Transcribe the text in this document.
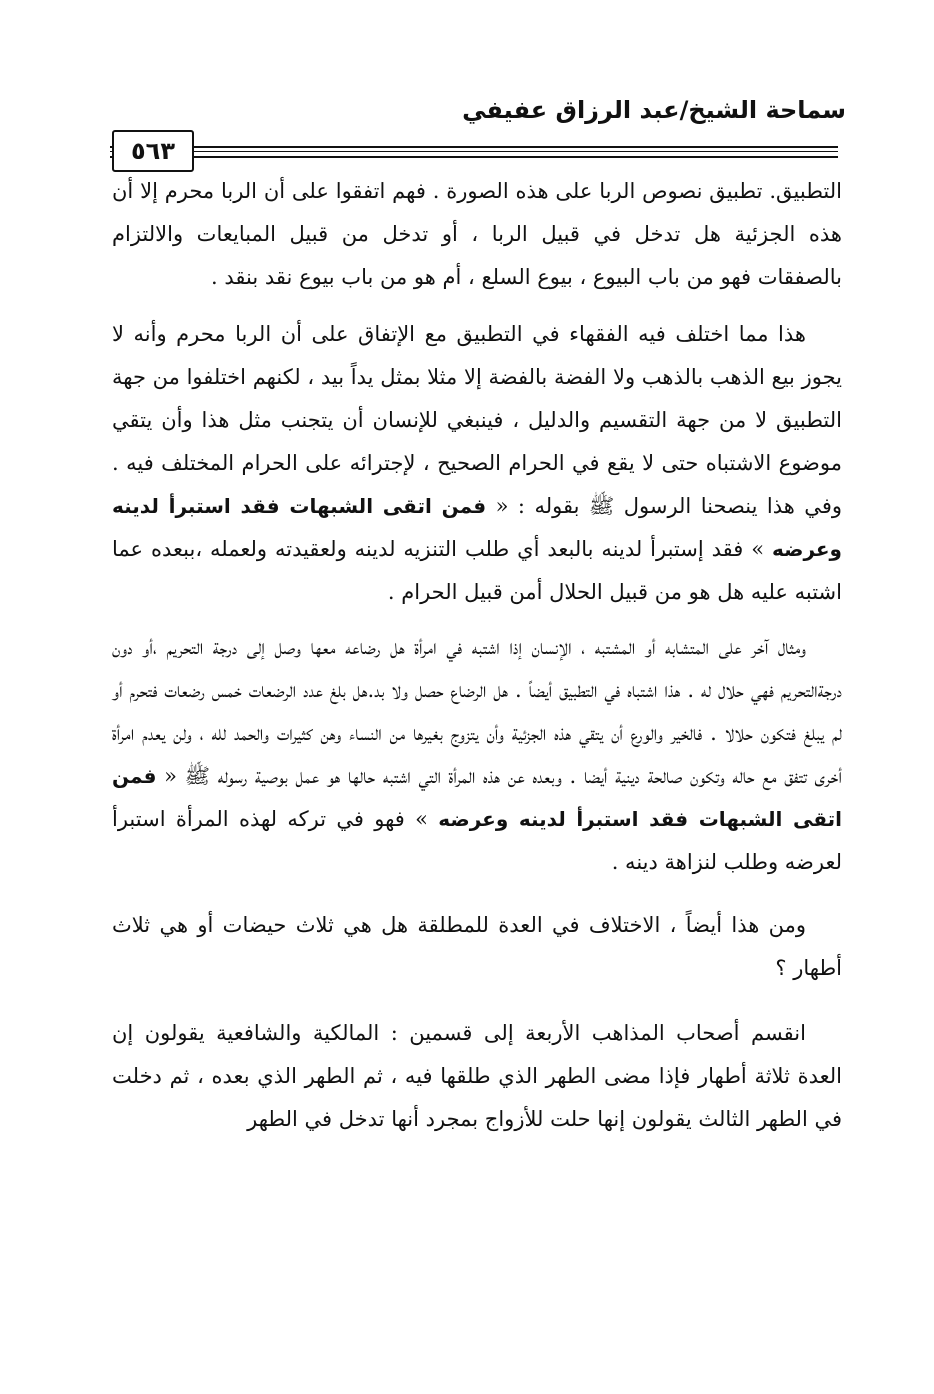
سماحة الشيخ/عبد الرزاق عفيفي
٥٦٣

التطبيق. تطبيق نصوص الربا على هذه الصورة . فهم اتفقوا على أن الربا محرم إلا أن هذه الجزئية هل تدخل في قبيل الربا ، أو تدخل من قبيل المبايعات والالتزام بالصفقات فهو من باب البيوع ، بيوع السلع ، أم هو من باب بيوع نقد بنقد .

هذا مما اختلف فيه الفقهاء في التطبيق مع الإتفاق على أن الربا محرم وأنه لا يجوز بيع الذهب بالذهب ولا الفضة بالفضة إلا مثلا بمثل يداً بيد ، لكنهم اختلفوا من جهة التطبيق لا من جهة التقسيم والدليل ، فينبغي للإنسان أن يتجنب مثل هذا وأن يتقي موضوع الاشتباه حتى لا يقع في الحرام الصحيح ، لإجترائه على الحرام المختلف فيه . وفي هذا ينصحنا الرسول ﷺ بقوله : « فمن اتقى الشبهات فقد استبرأ لدينه وعرضه » فقد إستبرأ لدينه بالبعد أي طلب التنزيه لدينه ولعقيدته ولعمله ،ببعده عما اشتبه عليه هل هو من قبيل الحلال أمن قبيل الحرام .

ومثال آخر على المتشابه أو المشتبه ، الإنسان إذا اشتبه في امرأة هل رضاعه معها وصل إلى درجة التحريم ،أو دون درجةالتحريم فهي حلال له . هذا اشتباه في التطبيق أيضاً . هل الرضاع حصل ولا بد.هل بلغ عدد الرضعات خمس رضعات فتحرم أو لم يبلغ فتكون حلالا . فالخير والورع أن يتقي هذه الجزئية وأن يتزوج بغيرها من النساء وهن كثيرات والحمد لله ، ولن يعدم امرأة أخرى تتفق مع حاله وتكون صالحة دينية أيضا . وبعده عن هذه المرأة التي اشتبه حالها هو عمل بوصية رسوله ﷺ « فمن اتقى الشبهات فقد استبرأ لدينه وعرضه » فهو في تركه لهذه المرأة استبرأ لعرضه وطلب لنزاهة دينه .

ومن هذا أيضاً ، الاختلاف في العدة للمطلقة هل هي ثلاث حيضات أو هي ثلاث أطهار ؟

انقسم أصحاب المذاهب الأربعة إلى قسمين : المالكية والشافعية يقولون إن العدة ثلاثة أطهار فإذا مضى الطهر الذي طلقها فيه ، ثم الطهر الذي بعده ، ثم دخلت في الطهر الثالث يقولون إنها حلت للأزواج بمجرد أنها تدخل في الطهر
